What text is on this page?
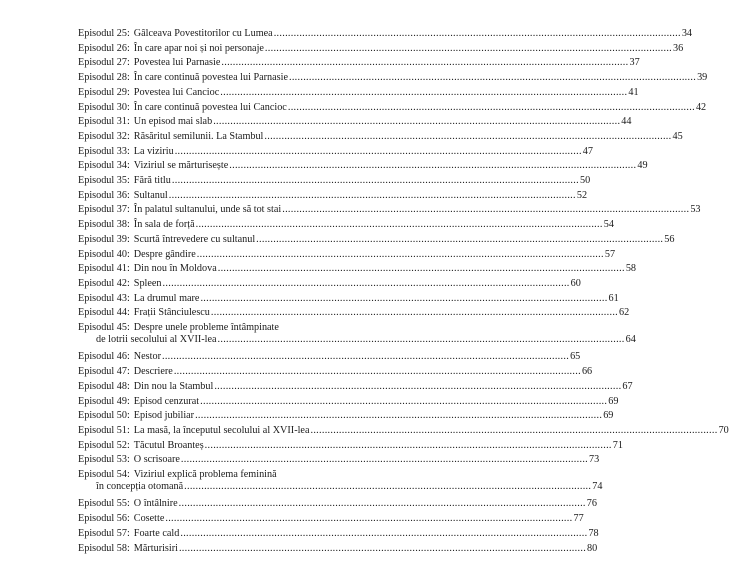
Episodul 25: Gâlceava Povestitorilor cu Lumea .....	34
Episodul 26: În care apar noi și noi personaje .....	36
Episodul 27: Povestea lui Parnasie .....	37
Episodul 28: În care continuă povestea lui Parnasie .....	39
Episodul 29: Povestea lui Cancioc .....	41
Episodul 30: În care continuă povestea lui Cancioc .....	42
Episodul 31: Un episod mai slab .....	44
Episodul 32: Răsăritul semilunii. La Stambul .....	45
Episodul 33: La viziriu .....	47
Episodul 34: Viziriul se mărturisește .....	49
Episodul 35: Fără titlu .....	50
Episodul 36: Sultanul .....	52
Episodul 37: În palatul sultanului, unde să tot stai .....	53
Episodul 38: În sala de forță .....	54
Episodul 39: Scurtă întrevedere cu sultanul .....	56
Episodul 40: Despre gândire .....	57
Episodul 41: Din nou în Moldova .....	58
Episodul 42: Spleen .....	60
Episodul 43: La drumul mare .....	61
Episodul 44: Frații Stânciulescu .....	62
Episodul 45: Despre unele probleme întâmpinate
de lotrii secolului al XVII-lea .....	64
Episodul 46: Nestor .....	65
Episodul 47: Descriere .....	66
Episodul 48: Din nou la Stambul .....	67
Episodul 49: Episod cenzurat .....	69
Episodul 50: Episod jubiliar .....	69
Episodul 51: La masă, la începutul secolului al XVII-lea .....	70
Episodul 52: Tăcutul Broanteș .....	71
Episodul 53: O scrisoare .....	73
Episodul 54: Viziriul explică problema feminină
în concepția otomană .....	74
Episodul 55: O întâlnire .....	76
Episodul 56: Cosette .....	77
Episodul 57: Foarte cald .....	78
Episodul 58: Mărturisiri .....	80
